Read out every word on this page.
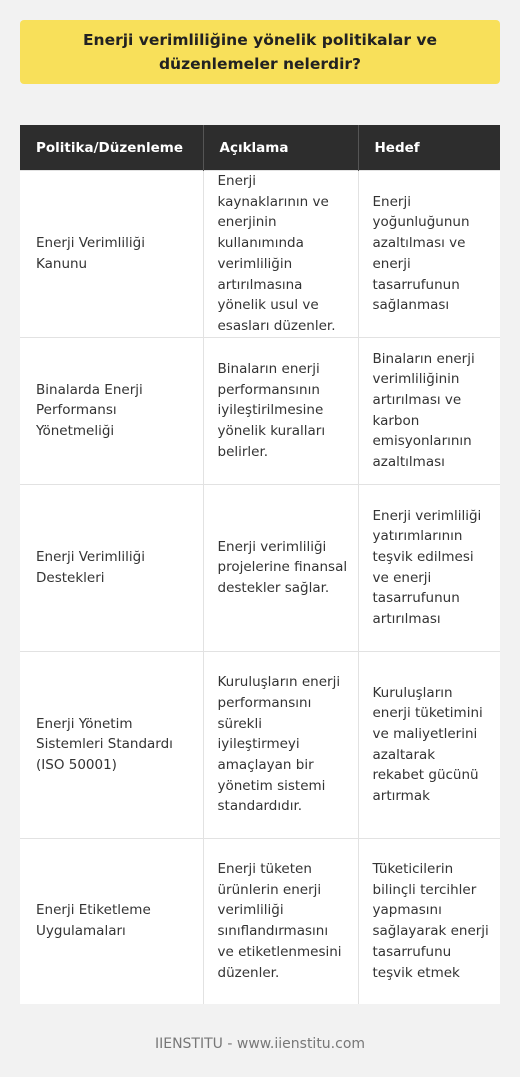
Enerji verimliliğine yönelik politikalar ve düzenlemeler nelerdir?
Politika/Düzenleme	Açıklama	Hedef
Enerji Verimliliği Kanunu	Enerji kaynaklarının ve enerjinin kullanımında verimliliğin artırılmasına yönelik usul ve esasları düzenler.	Enerji yoğunluğunun azaltılması ve enerji tasarrufunun sağlanması
Binalarda Enerji Performansı Yönetmeliği	Binaların enerji performansının iyileştirilmesine yönelik kuralları belirler.	Binaların enerji verimliliğinin artırılması ve karbon emisyonlarının azaltılması
Enerji Verimliliği Destekleri	Enerji verimliliği projelerine finansal destekler sağlar.	Enerji verimliliği yatırımlarının teşvik edilmesi ve enerji tasarrufunun artırılması
Enerji Yönetim Sistemleri Standardı (ISO 50001)	Kuruluşların enerji performansını sürekli iyileştirmeyi amaçlayan bir yönetim sistemi standardıdır.	Kuruluşların enerji tüketimini ve maliyetlerini azaltarak rekabet gücünü artırmak
Enerji Etiketleme Uygulamaları	Enerji tüketen ürünlerin enerji verimliliği sınıflandırmasını ve etiketlenmesini düzenler.	Tüketicilerin bilinçli tercihler yapmasını sağlayarak enerji tasarrufunu teşvik etmek
IIENSTITU - www.iienstitu.com
